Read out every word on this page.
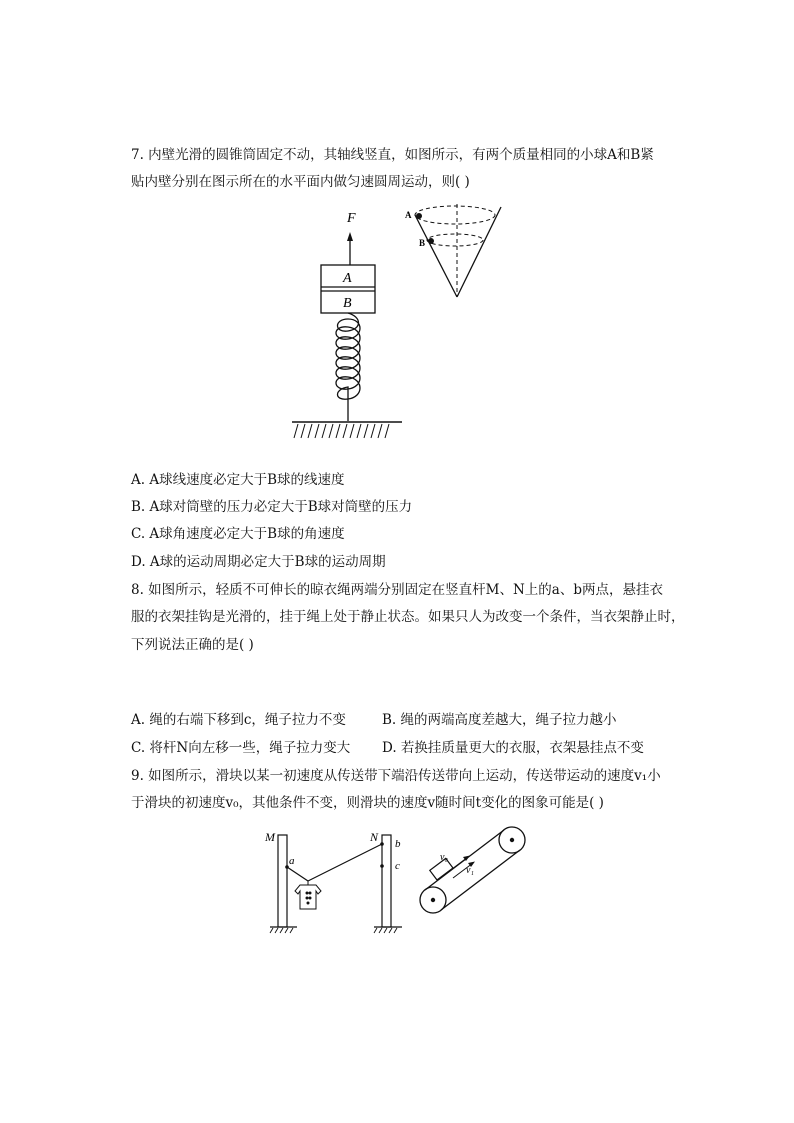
7. 内壁光滑的圆锥筒固定不动，其轴线竖直，如图所示，有两个质量相同的小球A和B紧
贴内壁分别在图示所在的水平面内做匀速圆周运动，则( )
F
A
B
A
B
A. A球线速度必定大于B球的线速度
B. A球对筒壁的压力必定大于B球对筒壁的压力
C. A球角速度必定大于B球的角速度
D. A球的运动周期必定大于B球的运动周期
8. 如图所示，轻质不可伸长的晾衣绳两端分别固定在竖直杆M、N上的a、b两点，悬挂衣
服的衣架挂钩是光滑的，挂于绳上处于静止状态。如果只人为改变一个条件，当衣架静止时，
下列说法正确的是( )
A. 绳的右端下移到c，绳子拉力不变	B. 绳的两端高度差越大，绳子拉力越小
C. 将杆N向左移一些，绳子拉力变大 D. 若换挂质量更大的衣服，衣架悬挂点不变
9. 如图所示，滑块以某一初速度从传送带下端沿传送带向上运动，传送带运动的速度v₁小
于滑块的初速度v₀，其他条件不变，则滑块的速度v随时间t变化的图象可能是( )
M	N
a
b
c
v₀
v₁
